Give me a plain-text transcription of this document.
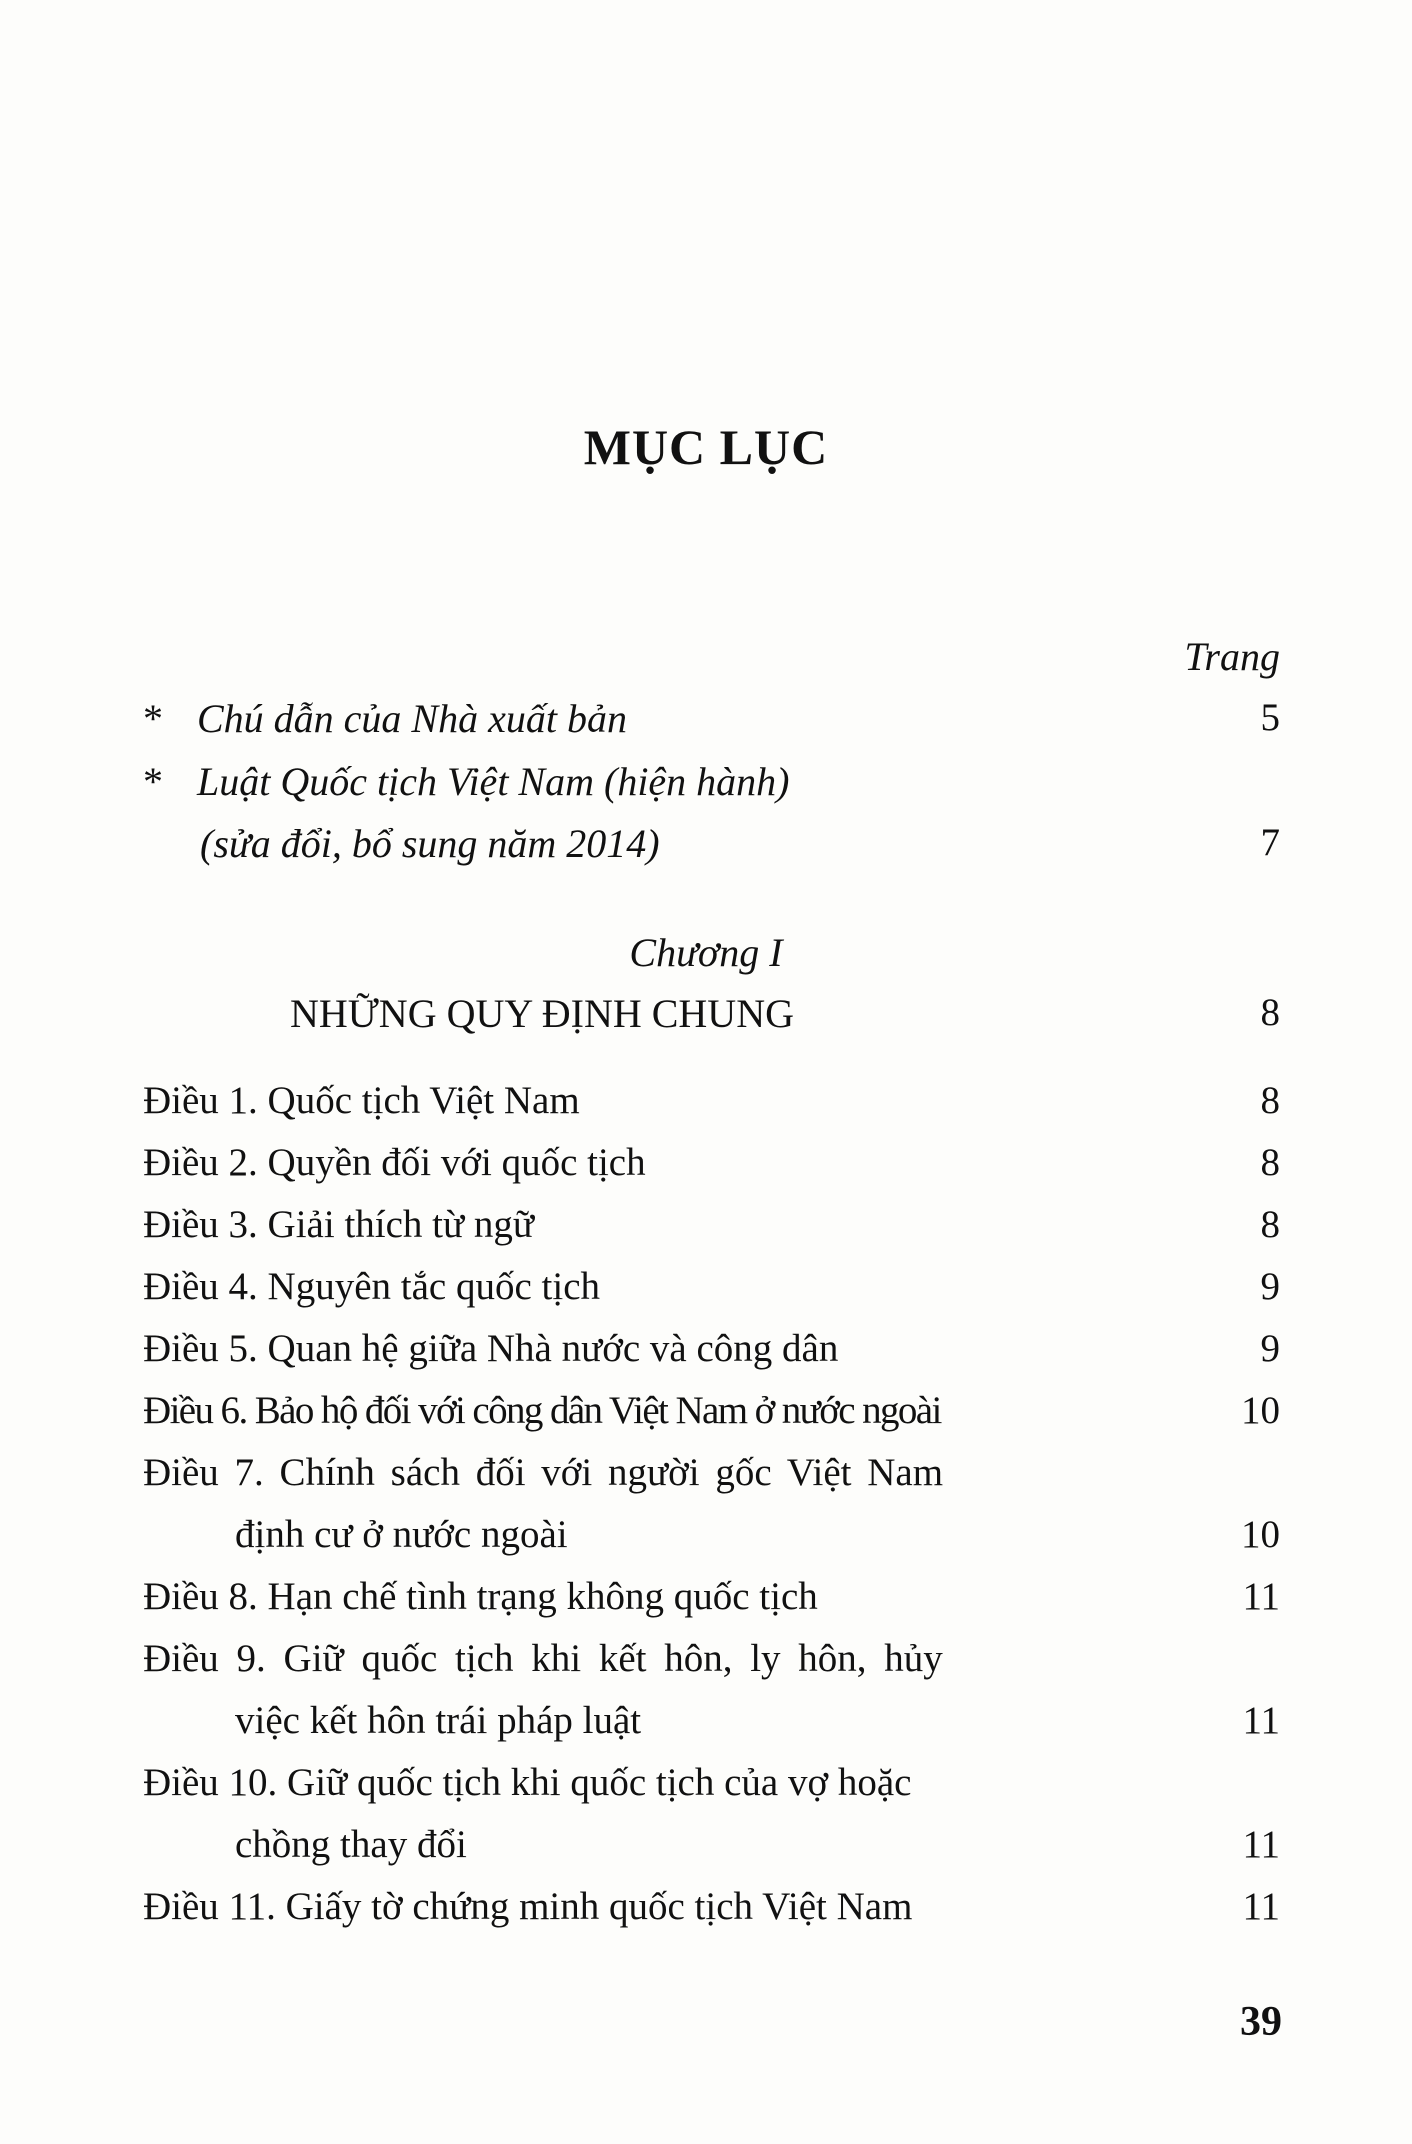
MỤC LỤC
Trang
* Chú dẫn của Nhà xuất bản	5
* Luật Quốc tịch Việt Nam (hiện hành)
(sửa đổi, bổ sung năm 2014)	7
Chương I
NHỮNG QUY ĐỊNH CHUNG	8
Điều 1. Quốc tịch Việt Nam	8
Điều 2. Quyền đối với quốc tịch	8
Điều 3. Giải thích từ ngữ	8
Điều 4. Nguyên tắc quốc tịch	9
Điều 5. Quan hệ giữa Nhà nước và công dân	9
Điều 6. Bảo hộ đối với công dân Việt Nam ở nước ngoài	10
Điều 7. Chính sách đối với người gốc Việt Nam
định cư ở nước ngoài	10
Điều 8. Hạn chế tình trạng không quốc tịch	11
Điều 9. Giữ quốc tịch khi kết hôn, ly hôn, hủy
việc kết hôn trái pháp luật	11
Điều 10. Giữ quốc tịch khi quốc tịch của vợ hoặc
chồng thay đổi	11
Điều 11. Giấy tờ chứng minh quốc tịch Việt Nam	11
39
